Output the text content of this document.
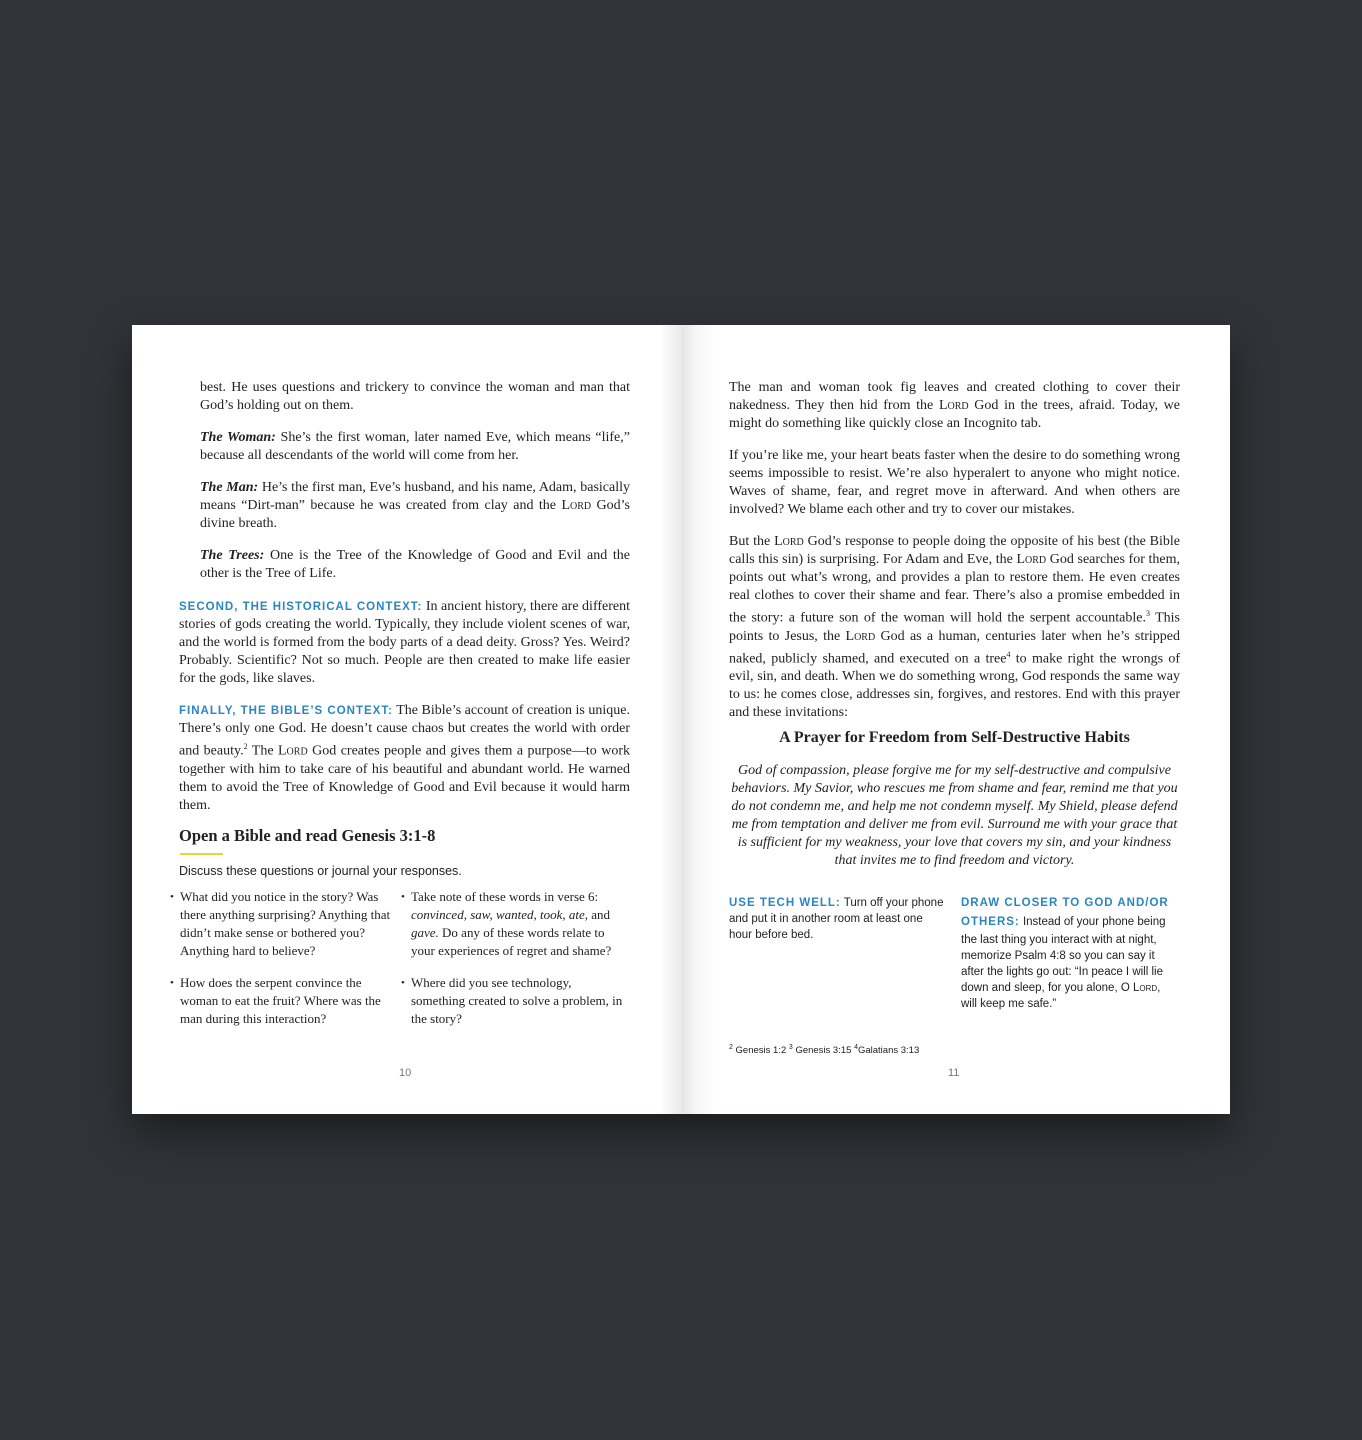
best. He uses questions and trickery to convince the woman and man that God’s holding out on them.

The Woman: She’s the first woman, later named Eve, which means “life,” because all descendants of the world will come from her.

The Man: He’s the first man, Eve’s husband, and his name, Adam, basically means “Dirt-man” because he was created from clay and the Lord God’s divine breath.

The Trees: One is the Tree of the Knowledge of Good and Evil and the other is the Tree of Life.

SECOND, THE HISTORICAL CONTEXT: In ancient history, there are different stories of gods creating the world. Typically, they include violent scenes of war, and the world is formed from the body parts of a dead deity. Gross? Yes. Weird? Probably. Scientific? Not so much. People are then created to make life easier for the gods, like slaves.

FINALLY, THE BIBLE’S CONTEXT: The Bible’s account of creation is unique. There’s only one God. He doesn’t cause chaos but creates the world with order and beauty.$^2$ The Lord God creates people and gives them a purpose—to work together with him to take care of his beautiful and abundant world. He warned them to avoid the Tree of Knowledge of Good and Evil because it would harm them.

Open a Bible and read Genesis 3:1-8

Discuss these questions or journal your responses.

• What did you notice in the story? Was there anything surprising? Anything that didn’t make sense or bothered you? Anything hard to believe?

• Take note of these words in verse 6: convinced, saw, wanted, took, ate, and gave. Do any of these words relate to your experiences of regret and shame?

• How does the serpent convince the woman to eat the fruit? Where was the man during this interaction?

• Where did you see technology, something created to solve a problem, in the story?

10

The man and woman took fig leaves and created clothing to cover their nakedness. They then hid from the Lord God in the trees, afraid. Today, we might do something like quickly close an Incognito tab.

If you’re like me, your heart beats faster when the desire to do something wrong seems impossible to resist. We’re also hyperalert to anyone who might notice. Waves of shame, fear, and regret move in afterward. And when others are involved? We blame each other and try to cover our mistakes.

But the Lord God’s response to people doing the opposite of his best (the Bible calls this sin) is surprising. For Adam and Eve, the Lord God searches for them, points out what’s wrong, and provides a plan to restore them. He even creates real clothes to cover their shame and fear. There’s also a promise embedded in the story: a future son of the woman will hold the serpent accountable.$^3$ This points to Jesus, the Lord God as a human, centuries later when he’s stripped naked, publicly shamed, and executed on a tree$^4$ to make right the wrongs of evil, sin, and death. When we do something wrong, God responds the same way to us: he comes close, addresses sin, forgives, and restores. End with this prayer and these invitations:

A Prayer for Freedom from Self-Destructive Habits

God of compassion, please forgive me for my self-destructive and compulsive behaviors. My Savior, who rescues me from shame and fear, remind me that you do not condemn me, and help me not condemn myself. My Shield, please defend me from temptation and deliver me from evil. Surround me with your grace that is sufficient for my weakness, your love that covers my sin, and your kindness that invites me to find freedom and victory.

USE TECH WELL: Turn off your phone and put it in another room at least one hour before bed.

DRAW CLOSER TO GOD AND/OR OTHERS: Instead of your phone being the last thing you interact with at night, memorize Psalm 4:8 so you can say it after the lights go out: “In peace I will lie down and sleep, for you alone, O Lord, will keep me safe.”

$^2$ Genesis 1:2 $^3$ Genesis 3:15 $^4$Galatians 3:13

11
